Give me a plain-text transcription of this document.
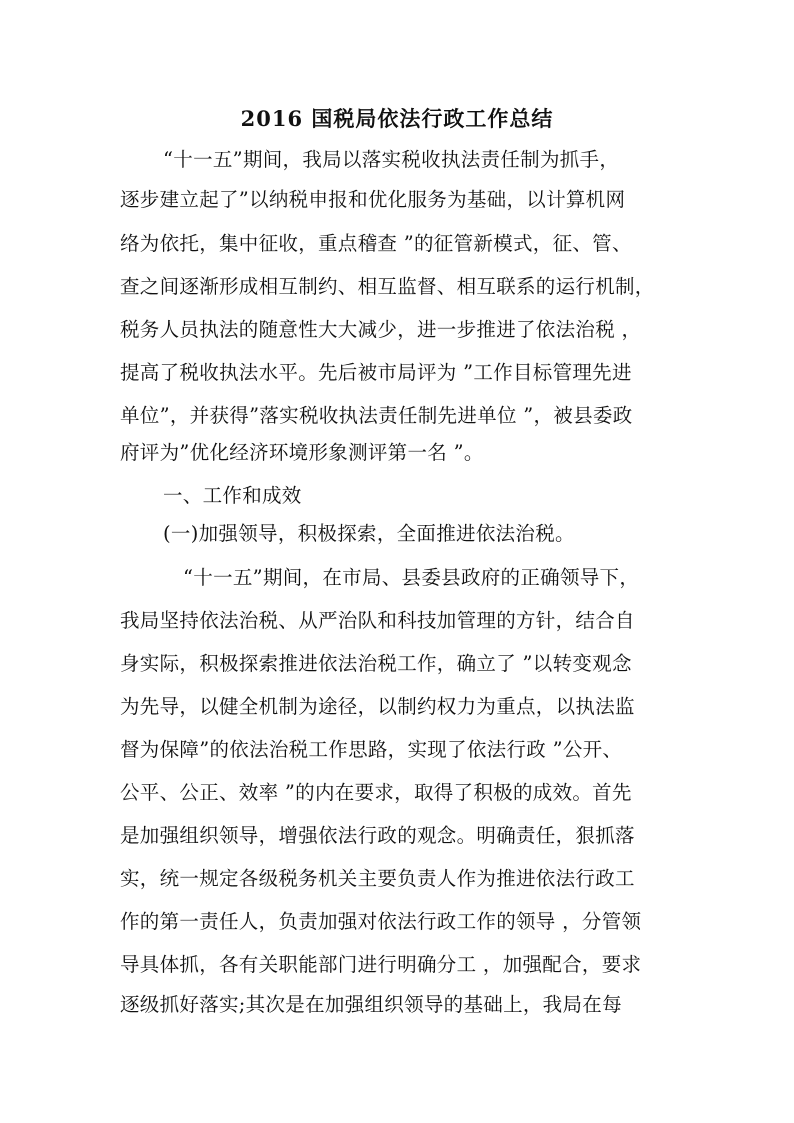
2016 国税局依法行政工作总结
“十一五”期间，我局以落实税收执法责任制为抓手，
逐步建立起了”以纳税申报和优化服务为基础，以计算机网
络为依托，集中征收，重点稽查 ”的征管新模式，征、管、
查之间逐渐形成相互制约、相互监督、相互联系的运行机制，
税务人员执法的随意性大大减少，进一步推进了依法治税 ，
提高了税收执法水平。先后被市局评为 ”工作目标管理先进
单位”，并获得”落实税收执法责任制先进单位 ”，被县委政
府评为”优化经济环境形象测评第一名 ”。
一、工作和成效
(一)加强领导，积极探索，全面推进依法治税。
“十一五”期间，在市局、县委县政府的正确领导下，
我局坚持依法治税、从严治队和科技加管理的方针，结合自
身实际，积极探索推进依法治税工作，确立了 ”以转变观念
为先导，以健全机制为途径，以制约权力为重点，以执法监
督为保障”的依法治税工作思路，实现了依法行政 ”公开、
公平、公正、效率 ”的内在要求，取得了积极的成效。首先
是加强组织领导，增强依法行政的观念。明确责任，狠抓落
实，统一规定各级税务机关主要负责人作为推进依法行政工
作的第一责任人，负责加强对依法行政工作的领导 ，分管领
导具体抓，各有关职能部门进行明确分工 ，加强配合，要求
逐级抓好落实;其次是在加强组织领导的基础上，我局在每
